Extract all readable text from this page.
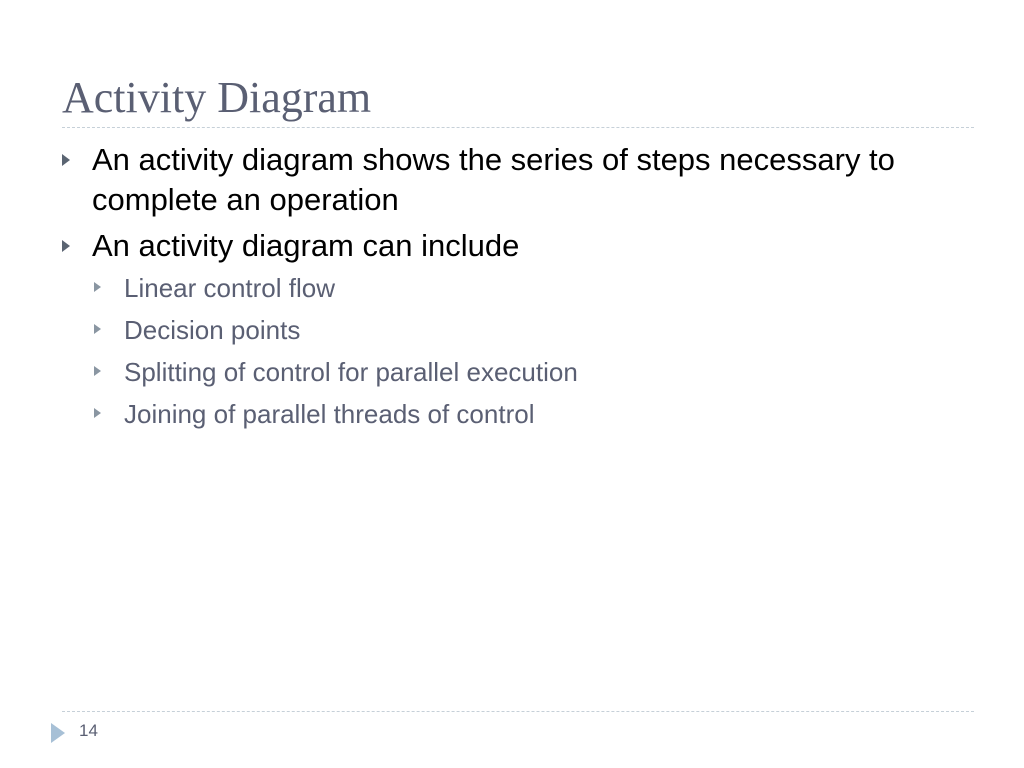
Activity Diagram
An activity diagram shows the series of steps necessary to complete an operation
An activity diagram can include
Linear control flow
Decision points
Splitting of control for parallel execution
Joining of parallel threads of control
14
